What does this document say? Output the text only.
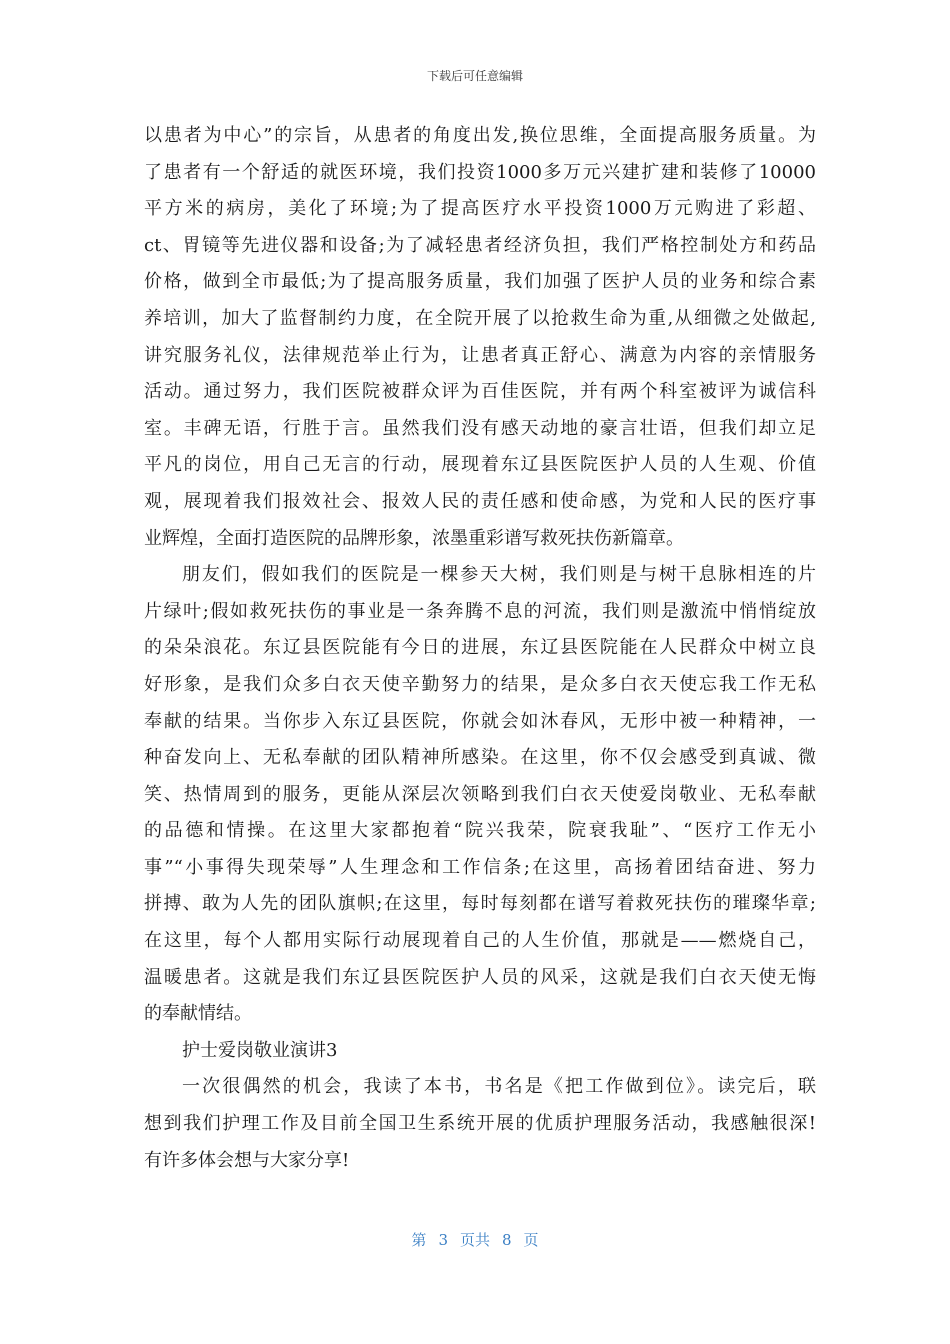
下载后可任意编辑
以患者为中心”的宗旨，从患者的角度出发,换位思维，全面提高服务质量。为
了患者有一个舒适的就医环境，我们投资1000多万元兴建扩建和装修了10000
平方米的病房，美化了环境;为了提高医疗水平投资1000万元购进了彩超、
ct、胃镜等先进仪器和设备;为了减轻患者经济负担，我们严格控制处方和药品
价格，做到全市最低;为了提高服务质量，我们加强了医护人员的业务和综合素
养培训，加大了监督制约力度，在全院开展了以抢救生命为重,从细微之处做起,
讲究服务礼仪，法律规范举止行为，让患者真正舒心、满意为内容的亲情服务
活动。通过努力，我们医院被群众评为百佳医院，并有两个科室被评为诚信科
室。丰碑无语，行胜于言。虽然我们没有感天动地的豪言壮语，但我们却立足
平凡的岗位，用自己无言的行动，展现着东辽县医院医护人员的人生观、价值
观，展现着我们报效社会、报效人民的责任感和使命感，为党和人民的医疗事
业辉煌，全面打造医院的品牌形象，浓墨重彩谱写救死扶伤新篇章。
朋友们，假如我们的医院是一棵参天大树，我们则是与树干息脉相连的片
片绿叶;假如救死扶伤的事业是一条奔腾不息的河流，我们则是激流中悄悄绽放
的朵朵浪花。东辽县医院能有今日的进展，东辽县医院能在人民群众中树立良
好形象，是我们众多白衣天使辛勤努力的结果，是众多白衣天使忘我工作无私
奉献的结果。当你步入东辽县医院，你就会如沐春风，无形中被一种精神，一
种奋发向上、无私奉献的团队精神所感染。在这里，你不仅会感受到真诚、微
笑、热情周到的服务，更能从深层次领略到我们白衣天使爱岗敬业、无私奉献
的品德和情操。在这里大家都抱着“院兴我荣，院衰我耻”、“医疗工作无小
事”“小事得失现荣辱”人生理念和工作信条;在这里，高扬着团结奋进、努力
拼搏、敢为人先的团队旗帜;在这里，每时每刻都在谱写着救死扶伤的璀璨华章;
在这里，每个人都用实际行动展现着自己的人生价值，那就是——燃烧自己，
温暖患者。这就是我们东辽县医院医护人员的风采，这就是我们白衣天使无悔
的奉献情结。
护士爱岗敬业演讲3
一次很偶然的机会，我读了本书，书名是《把工作做到位》。读完后，联
想到我们护理工作及目前全国卫生系统开展的优质护理服务活动，我感触很深!
有许多体会想与大家分享!
第 3 页共 8 页
